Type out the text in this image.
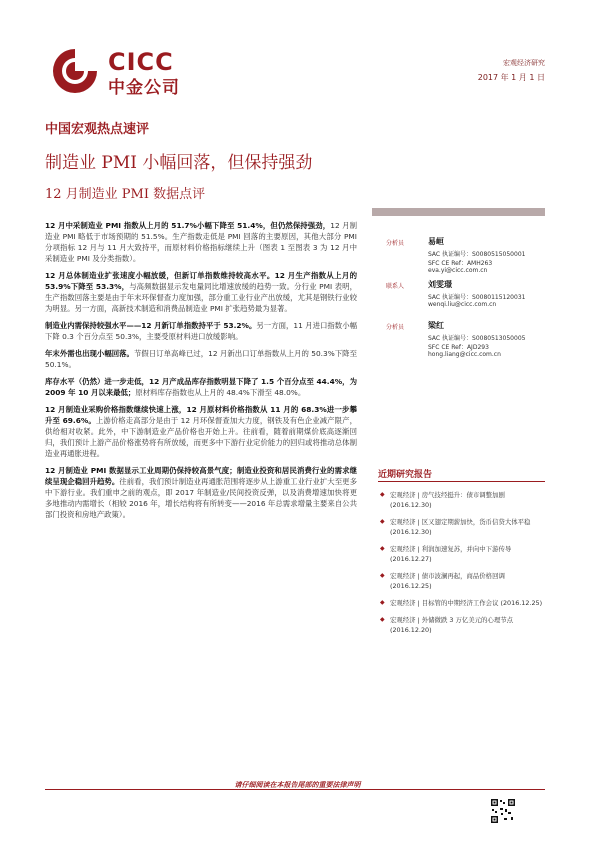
CICC
中金公司
宏观经济研究
2017 年 1 月 1 日
中国宏观热点速评
制造业 PMI 小幅回落，但保持强劲
12 月制造业 PMI 数据点评

12 月中采制造业 PMI 指数从上月的 51.7%小幅下降至 51.4%，但仍然保持强劲，12 月制造业 PMI 略低于市场预期的 51.5%。生产指数走低是 PMI 回落的主要原因，其他大部分 PMI 分项指标 12 月与 11 月大致持平，而原材料价格指标继续上升（图表 1 至图表 3 为 12 月中采制造业 PMI 及分类指数）。

12 月总体制造业扩张速度小幅放缓，但新订单指数维持较高水平。12 月生产指数从上月的 53.9%下降至 53.3%，与高频数据显示发电量同比增速放缓的趋势一致。分行业 PMI 表明，生产指数回落主要是由于年末环保督查力度加强，部分重工业行业产出放缓，尤其是钢铁行业较为明显。另一方面，高新技术制造和消费品制造业 PMI 扩张趋势最为显著。

制造业内需保持较强水平——12 月新订单指数持平于 53.2%。另一方面，11 月进口指数小幅下降 0.3 个百分点至 50.3%，主要受原材料进口放缓影响。

年末外需也出现小幅回落。节假日订单高峰已过，12 月新出口订单指数从上月的 50.3%下降至 50.1%。

库存水平（仍然）进一步走低，12 月产成品库存指数明显下降了 1.5 个百分点至 44.4%，为 2009 年 10 月以来最低；原材料库存指数也从上月的 48.4%下滑至 48.0%。

12 月制造业采购价格指数继续快速上涨，12 月原材料价格指数从 11 月的 68.3%进一步攀升至 69.6%。上游价格走高部分是由于 12 月环保督查加大力度，钢铁及有色企业减产限产，供给相对收紧。此外，中下游制造业产品价格也开始上升。往前看，随着前期煤价底高逐渐回归，我们预计上游产品价格涨势将有所放缓，而更多中下游行业定价能力的回归或将推动总体制造业再通胀进程。

12 月制造业 PMI 数据显示工业周期仍保持较高景气度；制造业投资和居民消费行业的需求继续呈现企稳回升趋势。往前看，我们预计制造业再通胀范围将逐步从上游重工业行业扩大至更多中下游行业。我们重申之前的观点，即 2017 年制造业/民间投资反弹，以及消费增速加快将更多地推动内需增长（相较 2016 年，增长结构将有所转变——2016 年总需求增量主要来自公共部门投资和房地产政策）。

分析员	易峘
SAC 执证编号：S0080515050001
SFC CE Ref：AMH263
eva.yi@cicc.com.cn
联系人	刘雯璟
SAC 执证编号：S0080115120031
wenqi.liu@cicc.com.cn
分析员	梁红
SAC 执证编号：S0080513050005
SFC CE Ref：AJD293
hong.liang@cicc.com.cn
近期研究报告
◆ 宏观经济 | 房气技经挺升：债市调整加剧
(2016.12.30)
◆ 宏观经济 | 区又翅定期薪加快，货币信贷大体平稳
(2016.12.30)
◆ 宏观经济 | 利润加速复苏，并向中下游传导
(2016.12.27)
◆ 宏观经济 | 债市波澜再起，商品价格回调
(2016.12.25)
◆ 宏观经济 | 目标管的中期经济工作会议 (2016.12.25)
◆ 宏观经济 | 外储微跌 3 万亿美元的心理节点
(2016.12.20)
请仔细阅读在本报告尾部的重要法律声明
